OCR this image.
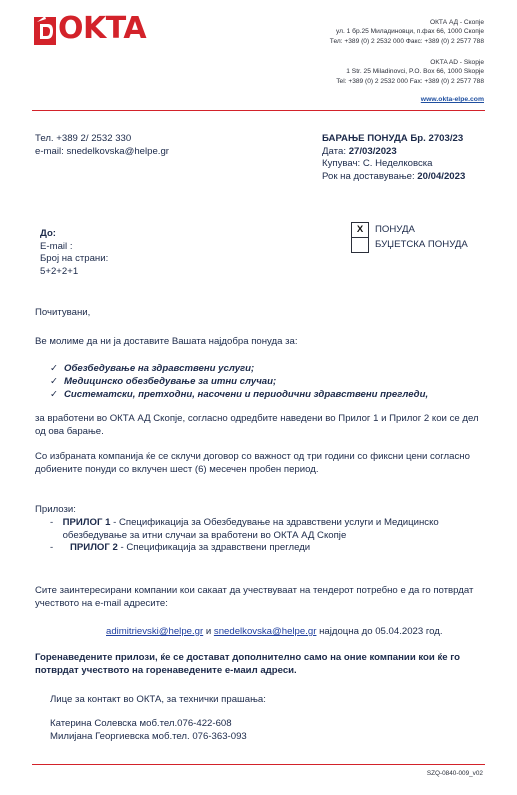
OKTA	ОКТА АД - Скопје
ул. 1 бр.25 Миладиновци, п.фах 66, 1000 Скопје
Тел: +389 (0) 2 2532 000 Факс: +389 (0) 2 2577 788
OKTA AD - Skopje
1 Str. 25 Miladinovci, P.O. Box 66, 1000 Skopje
Tel: +389 (0) 2 2532 000 Fax: +389 (0) 2 2577 788
www.okta-elpe.com
Тел. +389 2/ 2532 330
e-mail: snedelkovska@helpe.gr
БАРАЊЕ ПОНУДА Бр. 2703/23
Датa: 27/03/2023
Купувач: С. Неделковска
Рок на доставување: 20/04/2023
До:
E-mail :
Број на страни:
5+2+2+1
X	ПОНУДА
БУЏЕТСКА ПОНУДА
Почитувани,
Ве молиме да ни ја доставите Вашата најдобра понуда за:
✓ Обезбедување на здравствени услуги;
✓ Медицинско обезбедување за итни случаи;
✓ Систематски, претходни, насочени и периодични здравствени прегледи,
за вработени во ОКТА АД Скопје, согласно одредбите наведени во Прилог 1 и Прилог 2 кои се дел од ова барање.
Со избраната компанија ќе се склучи договор со важност од три години со фиксни цени согласно добиените понуди со вклучен шест (6) месечен пробен период.
Прилози:
- ПРИЛОГ 1 - Спецификација за Обезбедување на здравствени услуги и Медицинско обезбедување за итни случаи за вработени во ОКТА АД Скопје
-	ПРИЛОГ 2 - Спецификација за здравствени прегледи
Сите заинтересирани компании кои сакаат да учествуваат на тендерот потребно е да го потврдат учеството на e-mail адресите:
adimitrievski@helpe.gr и snedelkovska@helpe.gr најдоцна до 05.04.2023 год.
Горенаведените прилози, ќе се доставaт дополнително само на оние компании кои ќе го потврдат учеството на горенаведените е-маил адреси.
Лице за контакт во ОКТА, за технички прашања:
Катерина Солевска моб.тел.076-422-608
Милијана Георгиевска моб.тел. 076-363-093
SZQ-0840-009_v02
